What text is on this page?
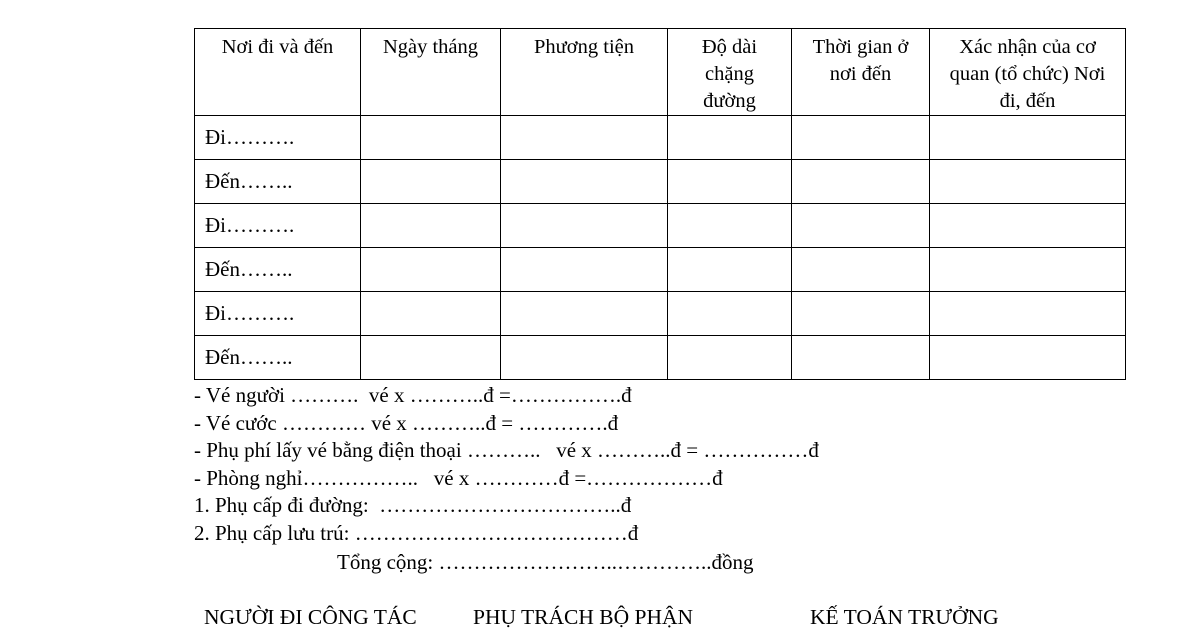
Nơi đi và đến	Ngày tháng	Phương tiện	Độ dài chặng đường	Thời gian ở nơi đến	Xác nhận của cơ quan (tổ chức) Nơi đi, đến

Đi……….					
Đến……..					
Đi……….					
Đến……..					
Đi……….					
Đến……..					
- Vé người ……….  vé x ………..đ =…………….đ
- Vé cước ………… vé x ………..đ = ………….đ
- Phụ phí lấy vé bằng điện thoại ………..   vé x ………..đ = ……………đ
- Phòng nghỉ……………..   vé x …………đ =………………đ
1. Phụ cấp đi đường:  ……………………………..đ
2. Phụ cấp lưu trú: …………………………………đ
Tổng cộng: ……………………..…………..đồng
NGƯỜI ĐI CÔNG TÁC	PHỤ TRÁCH BỘ PHẬN	KẾ TOÁN TRƯỞNG
